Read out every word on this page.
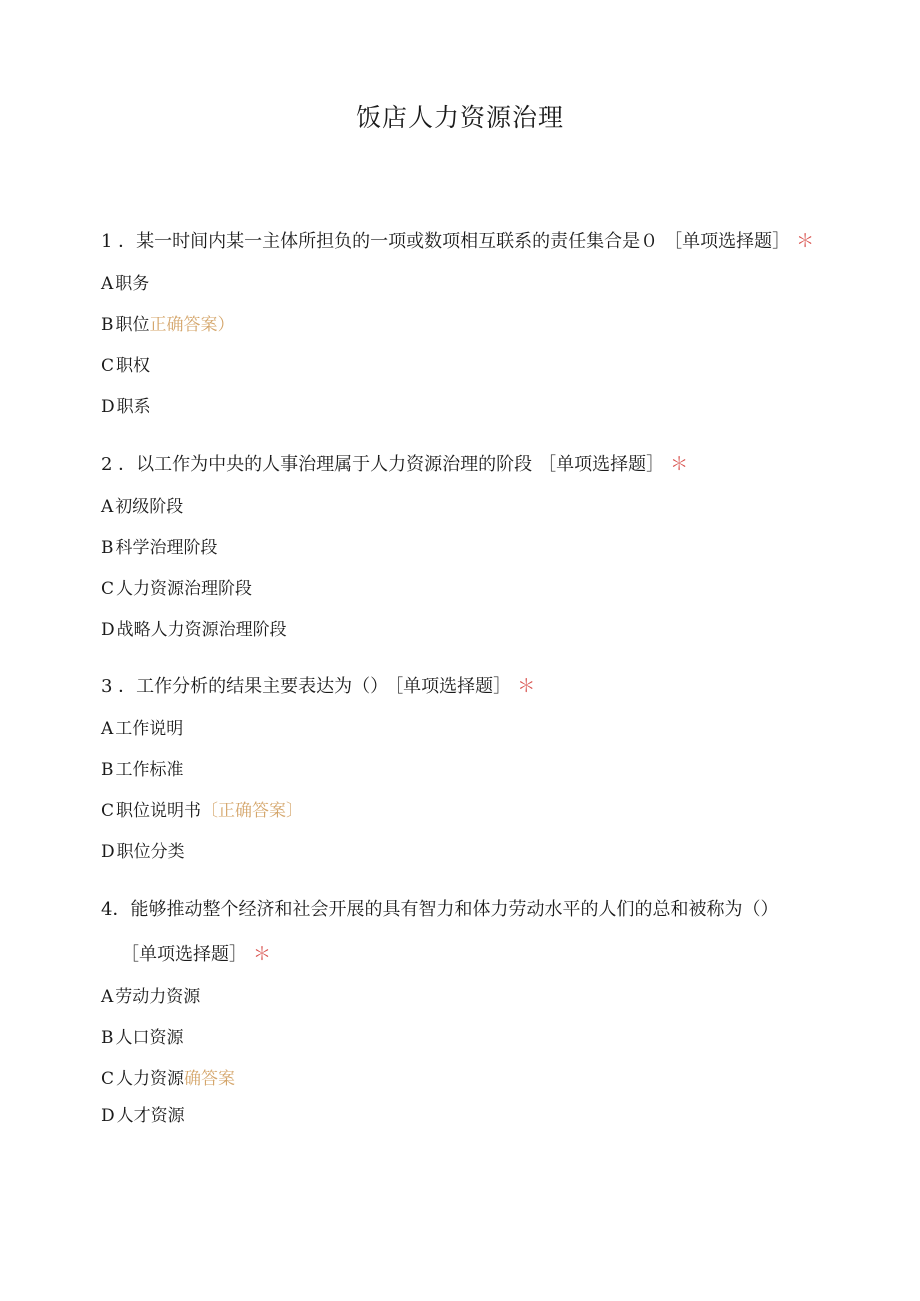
饭店人力资源治理

1 ．某一时间内某一主体所担负的一项或数项相互联系的责任集合是０ ［单项选择题］ ＊

A 职务

B 职位正确答案）

C 职权

D 职系

2 ．以工作为中央的人事治理属于人力资源治理的阶段 ［单项选择题］ ＊

A 初级阶段

B 科学治理阶段

C 人力资源治理阶段

D 战略人力资源治理阶段

3 ．工作分析的结果主要表达为（） ［单项选择题］ ＊

A 工作说明

B 工作标准

C 职位说明书〔正确答案〕

D 职位分类

4．能够推动整个经济和社会开展的具有智力和体力劳动水平的人们的总和被称为（）
［单项选择题］ ＊

A 劳动力资源

B 人口资源

C 人力资源确答案

D 人才资源
